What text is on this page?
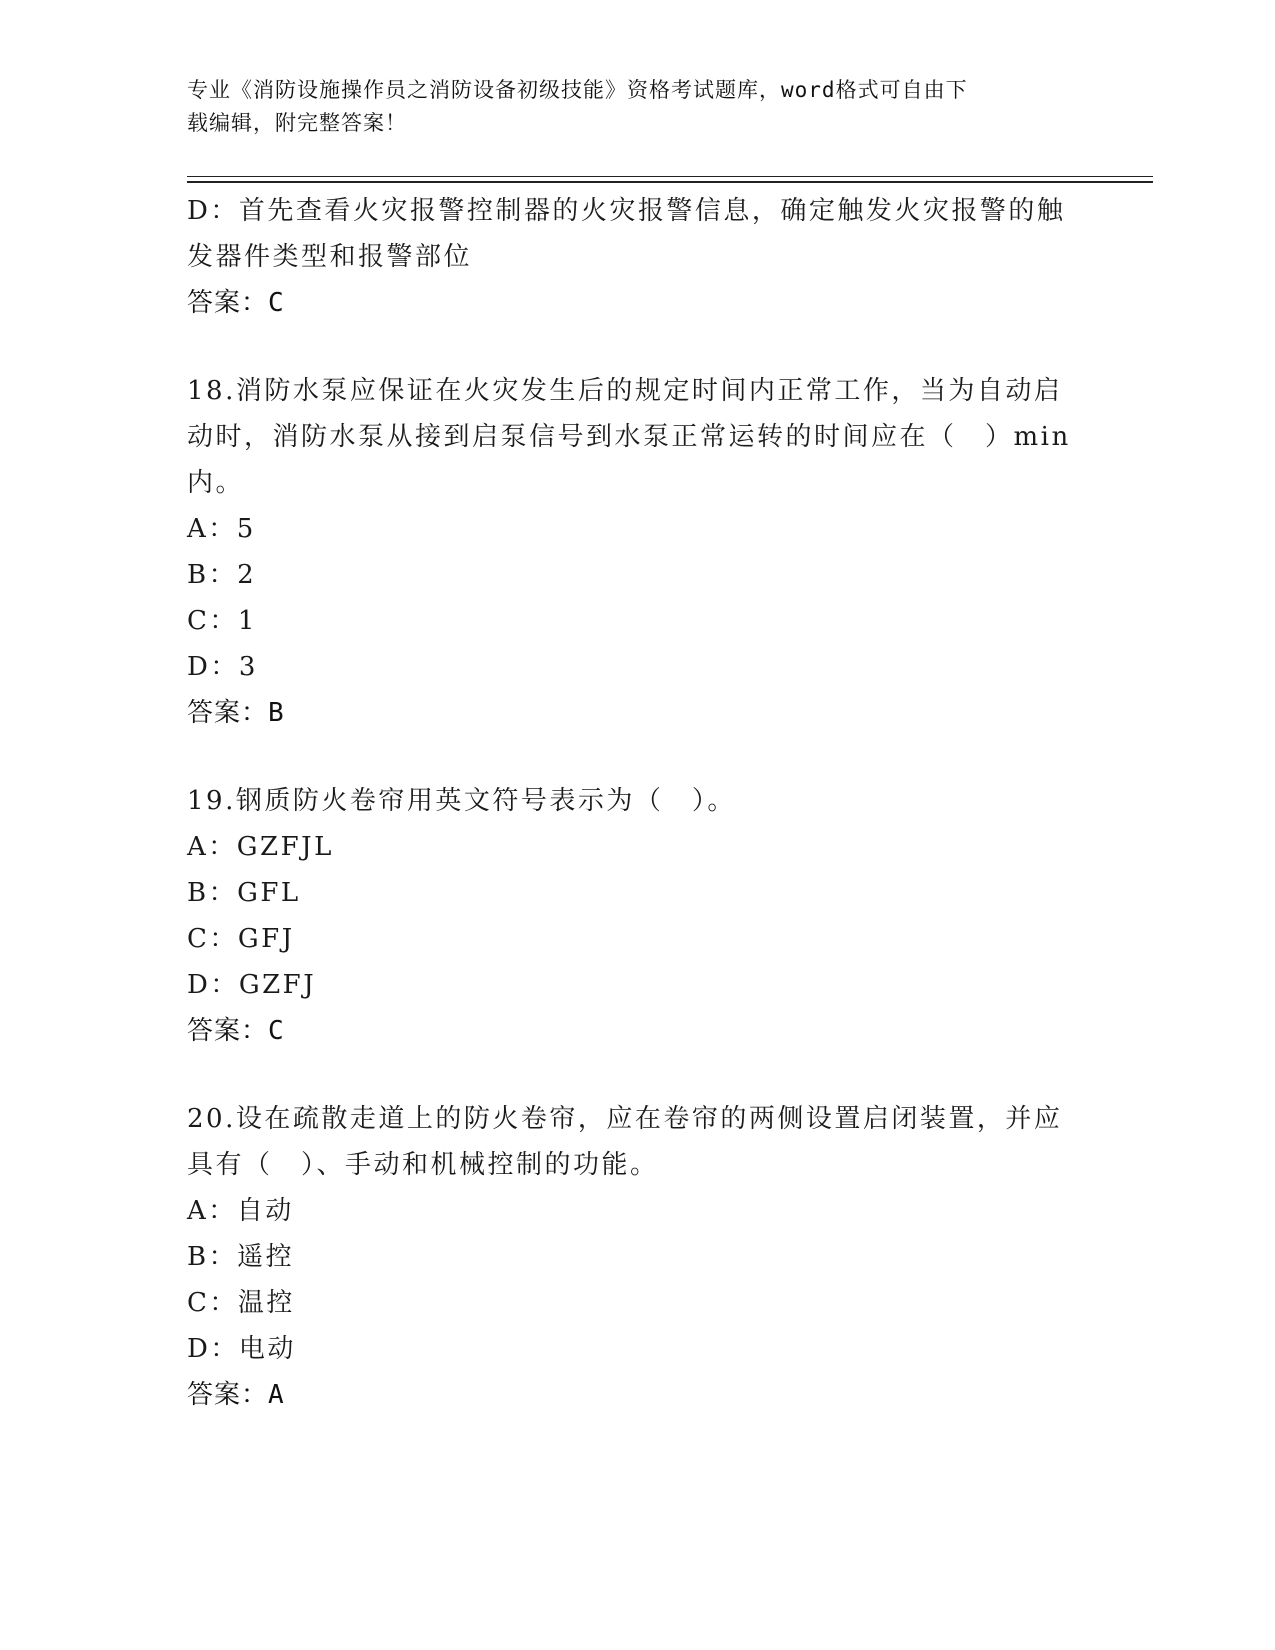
专业《消防设施操作员之消防设备初级技能》资格考试题库，word格式可自由下
载编辑，附完整答案！
D：首先查看火灾报警控制器的火灾报警信息，确定触发火灾报警的触
发器件类型和报警部位
答案：C
18.消防水泵应保证在火灾发生后的规定时间内正常工作，当为自动启
动时，消防水泵从接到启泵信号到水泵正常运转的时间应在（　）min
内。
A：5
B：2
C：1
D：3
答案：B
19.钢质防火卷帘用英文符号表示为（　）。
A：GZFJL
B：GFL
C：GFJ
D：GZFJ
答案：C
20.设在疏散走道上的防火卷帘，应在卷帘的两侧设置启闭装置，并应
具有（　）、手动和机械控制的功能。
A：自动
B：遥控
C：温控
D：电动
答案：A
